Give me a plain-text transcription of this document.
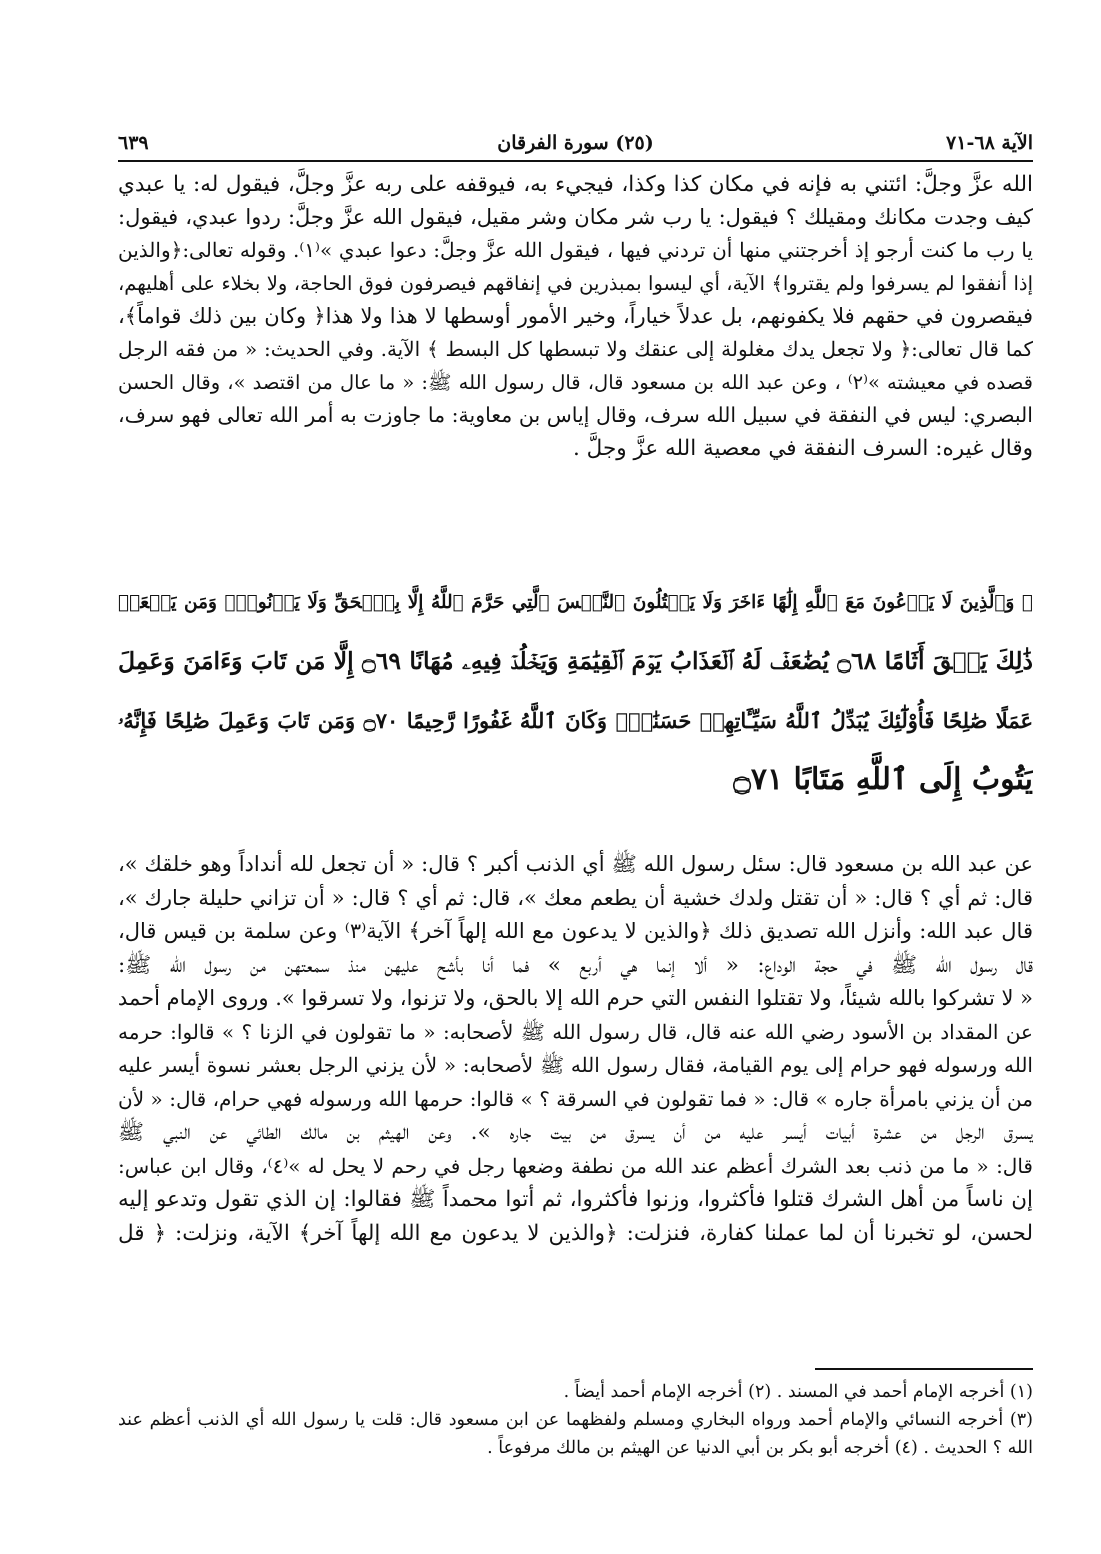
الآية ٦٨-٧١
(٢٥) سورة الفرقان
٦٣٩
الله عزَّ وجلَّ: ائتني به فإنه في مكان كذا وكذا، فيجيء به، فيوقفه على ربه عزَّ وجلَّ، فيقول له: يا عبدي
كيف وجدت مكانك ومقيلك ؟ فيقول: يا رب شر مكان وشر مقيل، فيقول الله عزَّ وجلَّ: ردوا عبدي، فيقول:
يا رب ما كنت أرجو إذ أخرجتني منها أن تردني فيها ، فيقول الله عزَّ وجلَّ: دعوا عبدي »⁽١⁾. وقوله تعالى:﴿والذين
إذا أنفقوا لم يسرفوا ولم يقتروا﴾ الآية، أي ليسوا بمبذرين في إنفاقهم فيصرفون فوق الحاجة، ولا بخلاء على أهليهم،
فيقصرون في حقهم فلا يكفونهم، بل عدلاً خياراً، وخير الأمور أوسطها لا هذا ولا هذا﴿ وكان بين ذلك قواماً﴾،
كما قال تعالى:﴿ ولا تجعل يدك مغلولة إلى عنقك ولا تبسطها كل البسط ﴾ الآية. وفي الحديث: « من فقه الرجل
قصده في معيشته »⁽٢⁾ ، وعن عبد الله بن مسعود قال، قال رسول الله ﷺ: « ما عال من اقتصد »، وقال الحسن
البصري: ليس في النفقة في سبيل الله سرف، وقال إياس بن معاوية: ما جاوزت به أمر الله تعالى فهو سرف،
وقال غيره: السرف النفقة في معصية الله عزَّ وجلَّ .
۞ وَٱلَّذِينَ لَا يَدۡعُونَ مَعَ ٱللَّهِ إِلَٰهًا ءَاخَرَ وَلَا يَقۡتُلُونَ ٱلنَّفۡسَ ٱلَّتِي حَرَّمَ ٱللَّهُ إِلَّا بِٱلۡحَقِّ وَلَا يَزۡنُونَۚ وَمَن يَفۡعَلۡ
ذَٰلِكَ يَلۡقَ أَثَامًا ۝٦٨ يُضَٰعَفۡ لَهُ ٱلۡعَذَابُ يَوۡمَ ٱلۡقِيَٰمَةِ وَيَخۡلُدۡ فِيهِۦ مُهَانًا ۝٦٩ إِلَّا مَن تَابَ وَءَامَنَ وَعَمِلَ
عَمَلًا صَٰلِحًا فَأُوْلَٰٓئِكَ يُبَدِّلُ ٱللَّهُ سَيِّـَٔاتِهِمۡ حَسَنَٰتٖۗ وَكَانَ ٱللَّهُ غَفُورًا رَّحِيمًا ۝٧٠ وَمَن تَابَ وَعَمِلَ صَٰلِحًا فَإِنَّهُۥ
يَتُوبُ إِلَى ٱللَّهِ مَتَابًا ۝٧١
عن عبد الله بن مسعود قال: سئل رسول الله ﷺ أي الذنب أكبر ؟ قال: « أن تجعل لله أنداداً وهو خلقك »،
قال: ثم أي ؟ قال: « أن تقتل ولدك خشية أن يطعم معك »، قال: ثم أي ؟ قال: « أن تزاني حليلة جارك »،
قال عبد الله: وأنزل الله تصديق ذلك ﴿والذين لا يدعون مع الله إلهاً آخر﴾ الآية⁽٣⁾ وعن سلمة بن قيس قال،
قال رسول الله ﷺ في حجة الوداع: « ألا إنما هي أربع » فما أنا بأشح عليهن منذ سمعتهن من رسول الله ﷺ:
« لا تشركوا بالله شيئاً، ولا تقتلوا النفس التي حرم الله إلا بالحق، ولا تزنوا، ولا تسرقوا ». وروى الإمام أحمد
عن المقداد بن الأسود رضي الله عنه قال، قال رسول الله ﷺ لأصحابه: « ما تقولون في الزنا ؟ » قالوا: حرمه
الله ورسوله فهو حرام إلى يوم القيامة، فقال رسول الله ﷺ لأصحابه: « لأن يزني الرجل بعشر نسوة أيسر عليه
من أن يزني بامرأة جاره » قال: « فما تقولون في السرقة ؟ » قالوا: حرمها الله ورسوله فهي حرام، قال: « لأن
يسرق الرجل من عشرة أبيات أيسر عليه من أن يسرق من بيت جاره ». وعن الهيثم بن مالك الطائي عن النبي ﷺ
قال: « ما من ذنب بعد الشرك أعظم عند الله من نطفة وضعها رجل في رحم لا يحل له »⁽٤⁾، وقال ابن عباس:
إن ناساً من أهل الشرك قتلوا فأكثروا، وزنوا فأكثروا، ثم أتوا محمداً ﷺ فقالوا: إن الذي تقول وتدعو إليه
لحسن، لو تخبرنا أن لما عملنا كفارة، فنزلت: ﴿والذين لا يدعون مع الله إلهاً آخر﴾ الآية، ونزلت: ﴿ قل
(١) أخرجه الإمام أحمد في المسند . (٢) أخرجه الإمام أحمد أيضاً .
(٣) أخرجه النسائي والإمام أحمد ورواه البخاري ومسلم ولفظهما عن ابن مسعود قال: قلت يا رسول الله أي الذنب أعظم عند
الله ؟ الحديث . (٤) أخرجه أبو بكر بن أبي الدنيا عن الهيثم بن مالك مرفوعاً .
